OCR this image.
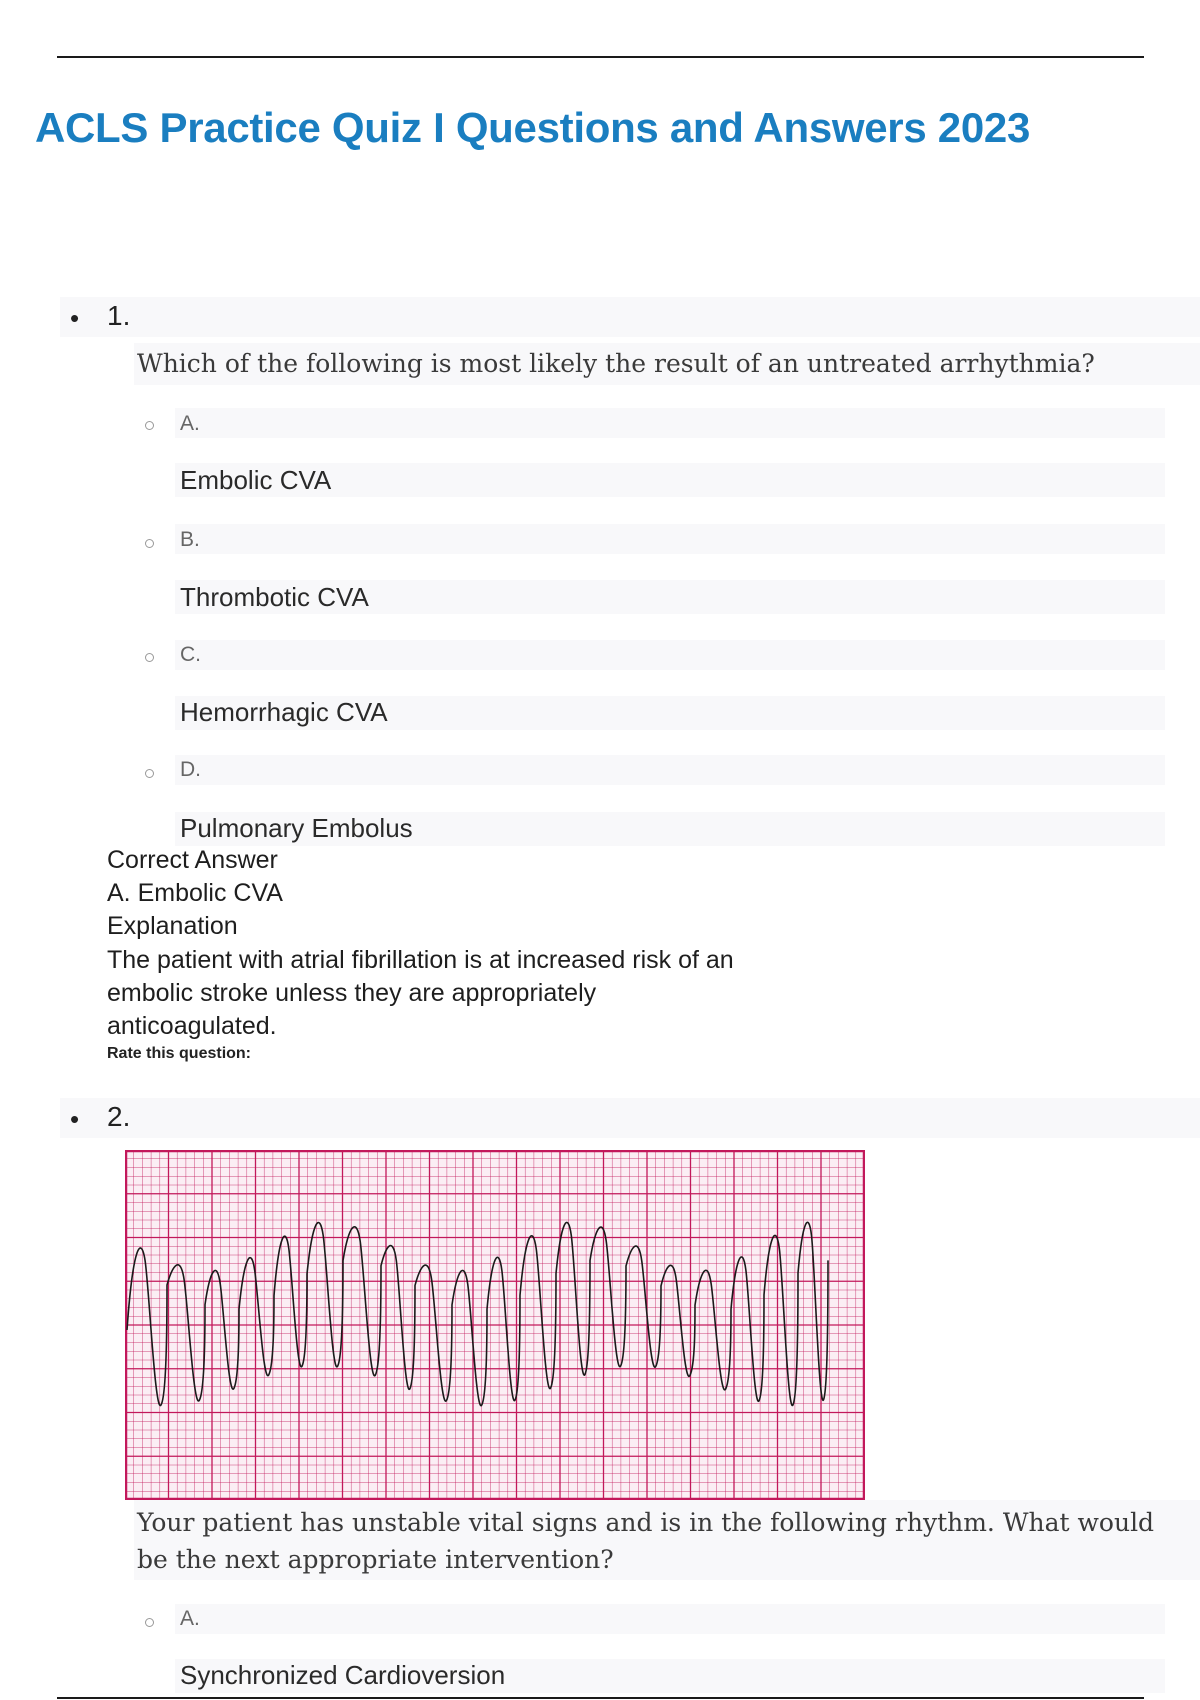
ACLS Practice Quiz I Questions and Answers 2023
• 1.
Which of the following is most likely the result of an untreated arrhythmia?
A.
Embolic CVA
B.
Thrombotic CVA
C.
Hemorrhagic CVA
D.
Pulmonary Embolus
Correct Answer
A. Embolic CVA
Explanation
The patient with atrial fibrillation is at increased risk of an embolic stroke unless they are appropriately anticoagulated.
Rate this question:
• 2.
Your patient has unstable vital signs and is in the following rhythm. What would be the next appropriate intervention?
A.
Synchronized Cardioversion
